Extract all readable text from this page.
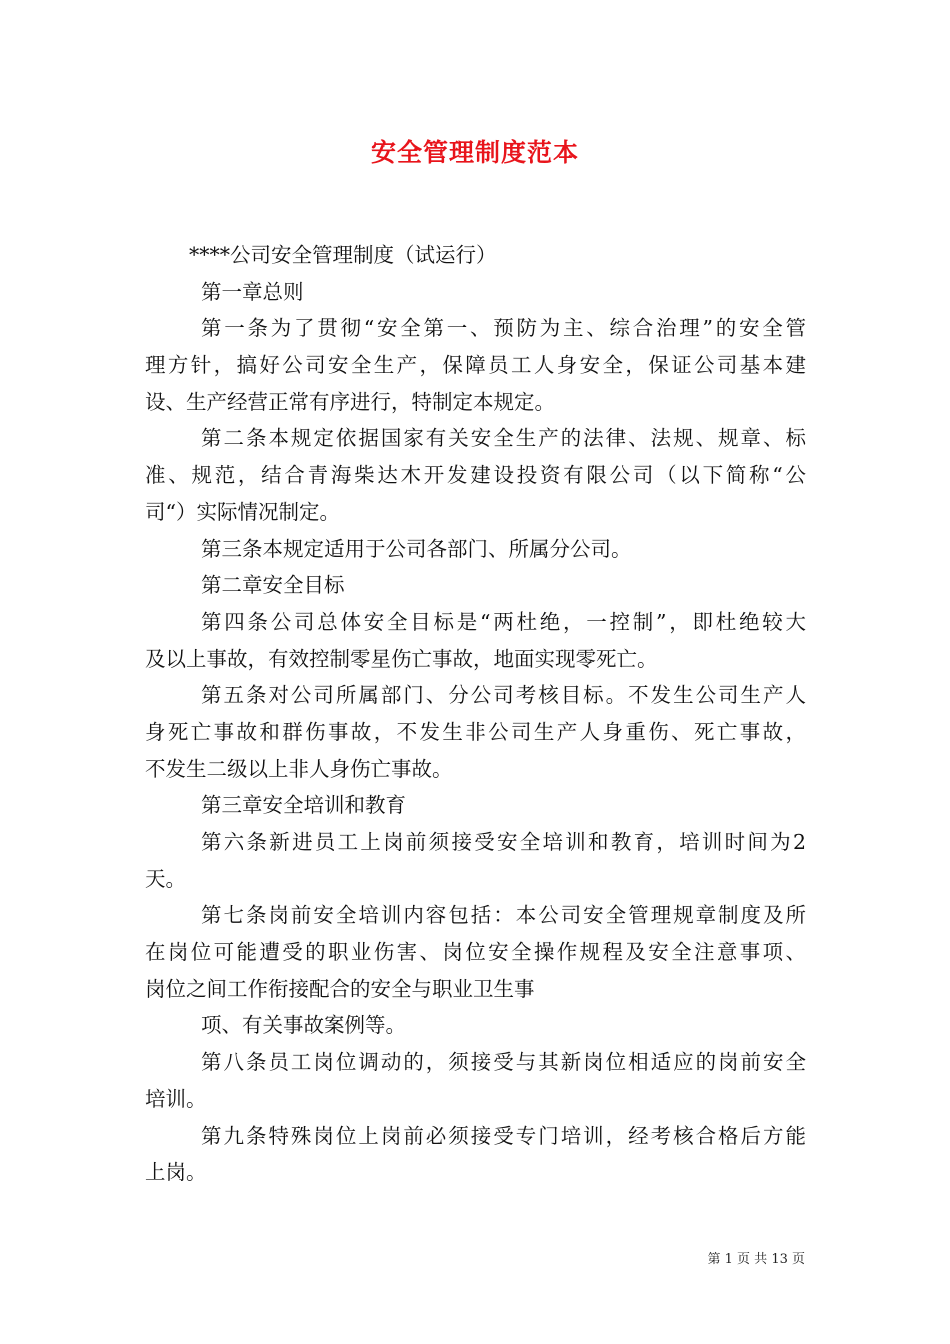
安全管理制度范本
****公司安全管理制度（试运行）
第一章总则
第一条为了贯彻“安全第一、预防为主、综合治理”的安全管
理方针，搞好公司安全生产，保障员工人身安全，保证公司基本建
设、生产经营正常有序进行，特制定本规定。
第二条本规定依据国家有关安全生产的法律、法规、规章、标
准、规范，结合青海柴达木开发建设投资有限公司（以下简称“公
司“）实际情况制定。
第三条本规定适用于公司各部门、所属分公司。
第二章安全目标
第四条公司总体安全目标是“两杜绝，一控制”，即杜绝较大
及以上事故，有效控制零星伤亡事故，地面实现零死亡。
第五条对公司所属部门、分公司考核目标。不发生公司生产人
身死亡事故和群伤事故，不发生非公司生产人身重伤、死亡事故，
不发生二级以上非人身伤亡事故。
第三章安全培训和教育
第六条新进员工上岗前须接受安全培训和教育，培训时间为2
天。
第七条岗前安全培训内容包括：本公司安全管理规章制度及所
在岗位可能遭受的职业伤害、岗位安全操作规程及安全注意事项、
岗位之间工作衔接配合的安全与职业卫生事
项、有关事故案例等。
第八条员工岗位调动的，须接受与其新岗位相适应的岗前安全
培训。
第九条特殊岗位上岗前必须接受专门培训，经考核合格后方能
上岗。
第 1 页 共 13 页
